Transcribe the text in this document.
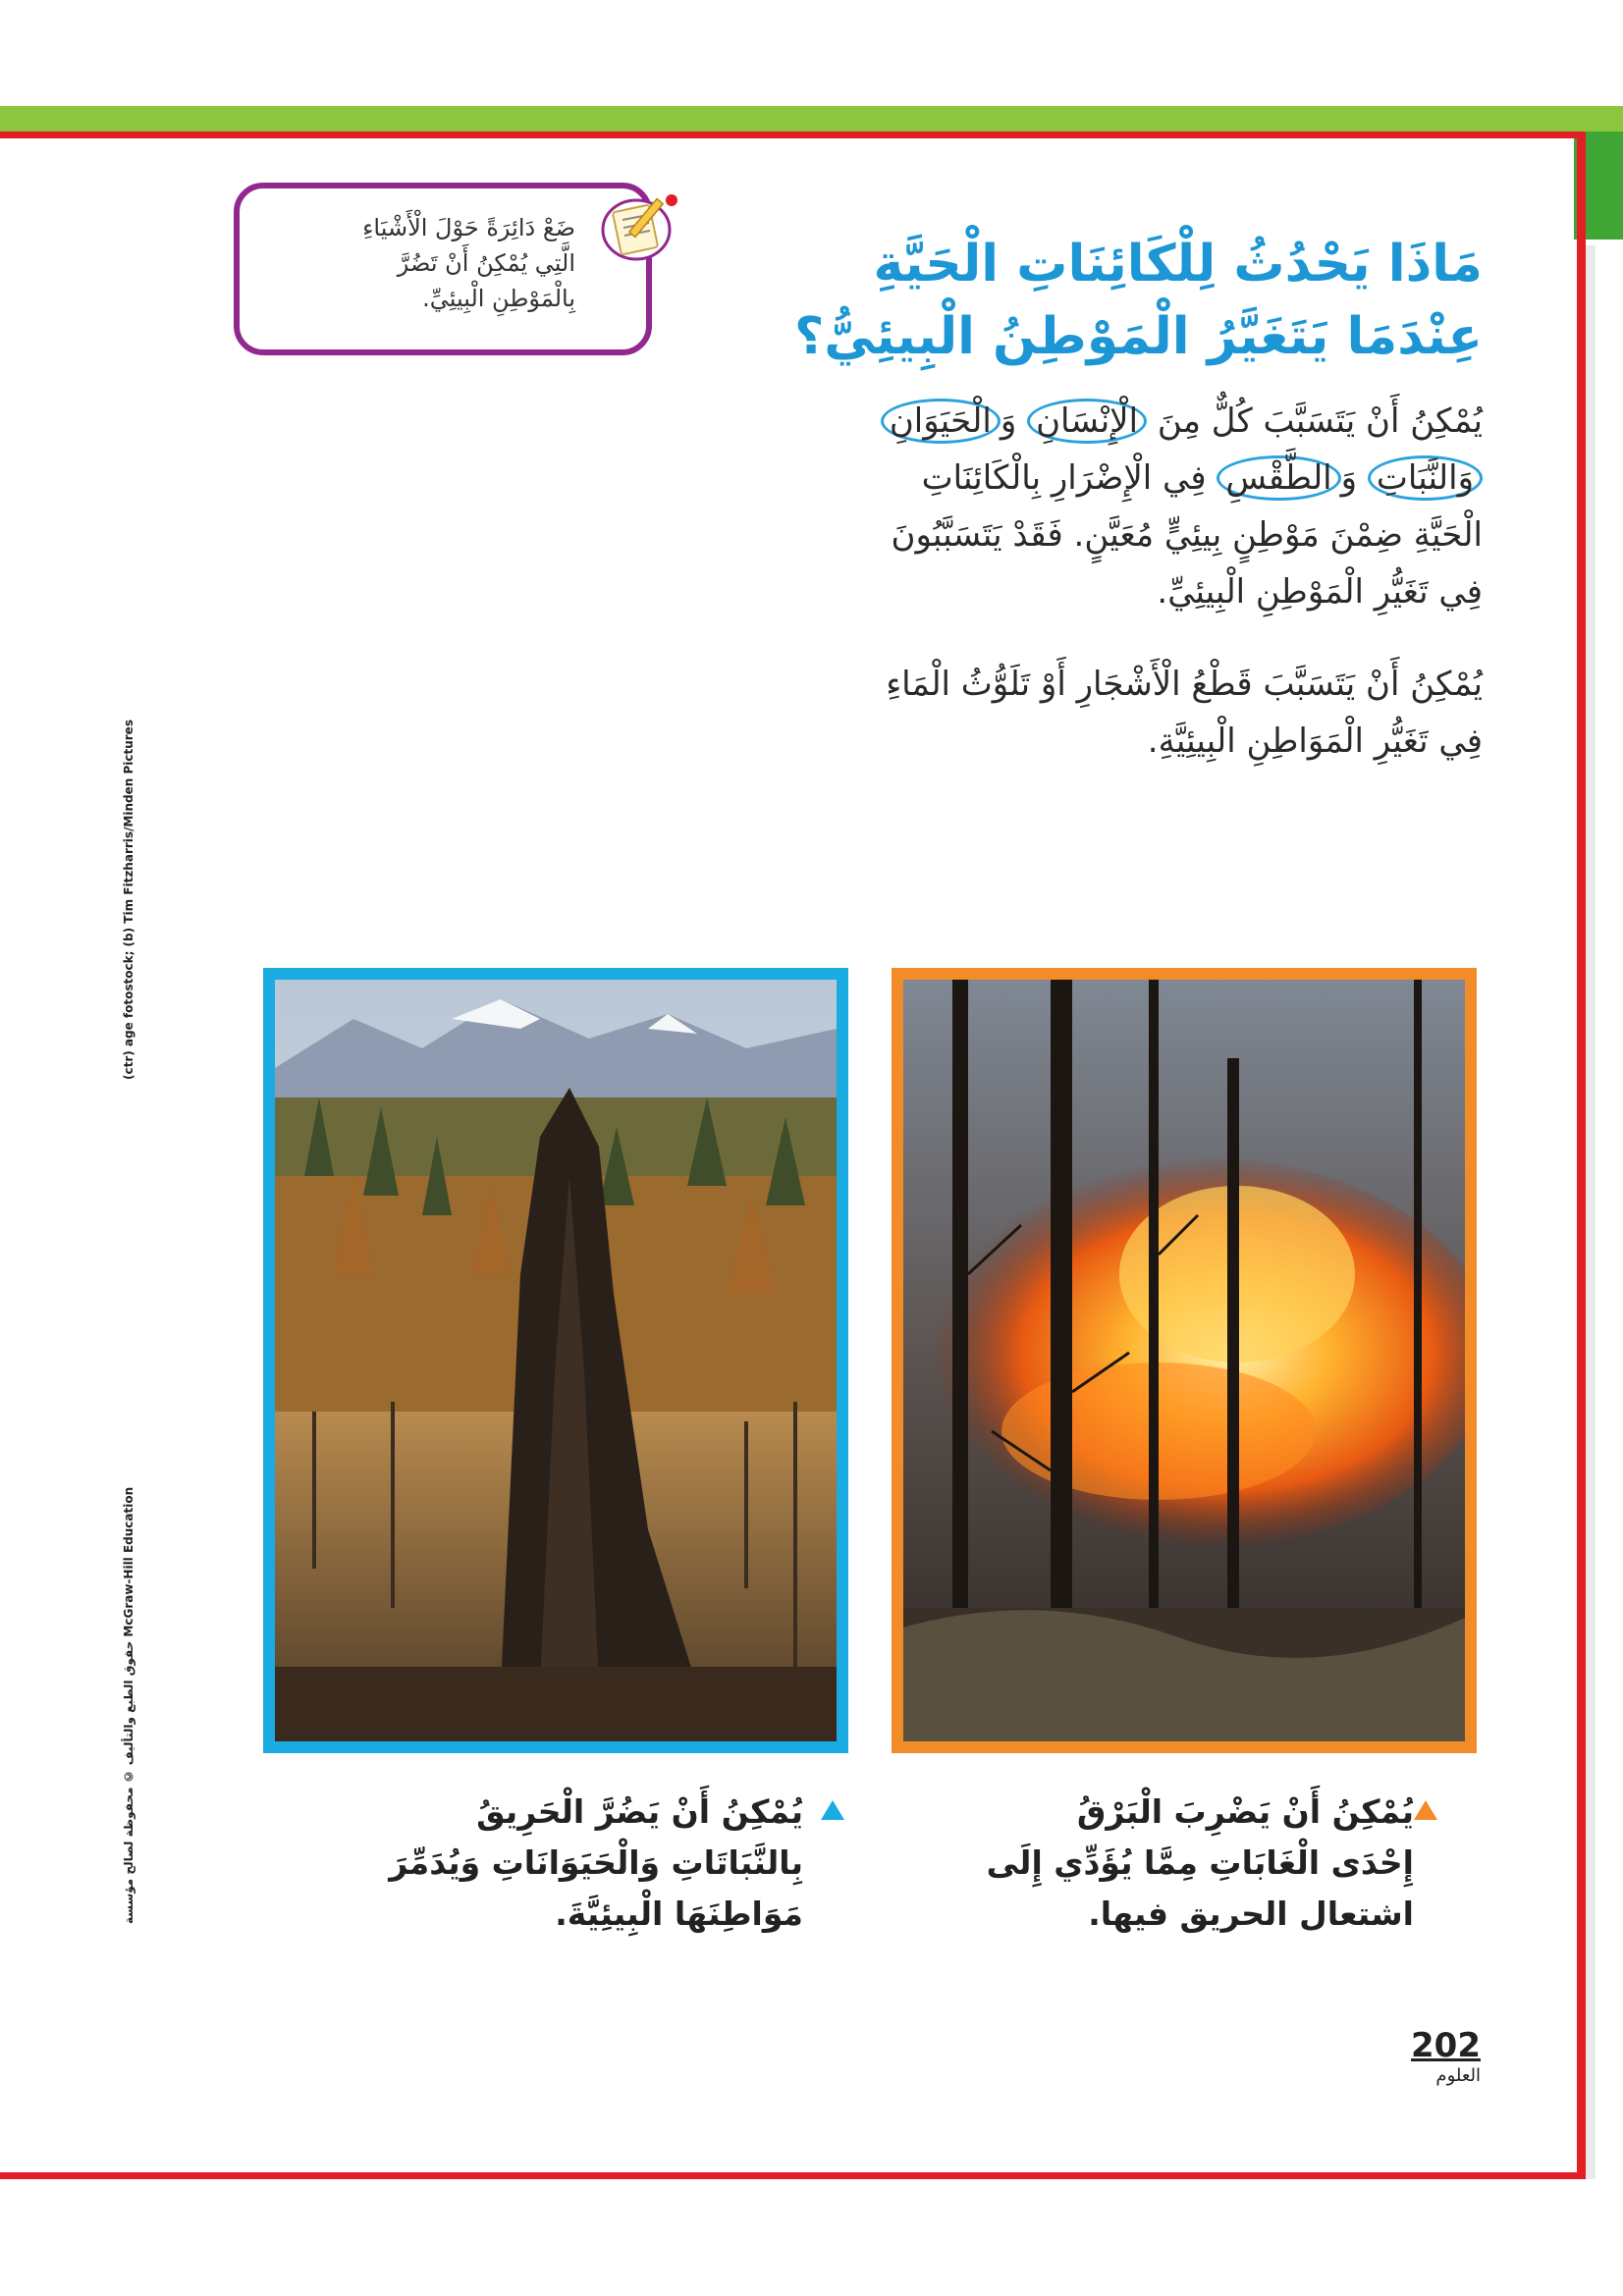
(ctr) age fotostock; (b) Tim Fitzharris/Minden Pictures
حقوق الطبع والتأليف © محفوظة لصالح مؤسسة McGraw-Hill Education
ضَعْ دَائِرَةً حَوْلَ الْأَشْيَاءِ
الَّتِي يُمْكِنُ أَنْ تَضُرَّ
بِالْمَوْطِنِ الْبِيئِيِّ.
مَاذَا يَحْدُثُ لِلْكَائِنَاتِ الْحَيَّةِ
عِنْدَمَا يَتَغَيَّرُ الْمَوْطِنُ الْبِيئِيُّ؟
يُمْكِنُ أَنْ يَتَسَبَّبَ كُلٌّ مِنَ الْإِنْسَانِ وَالْحَيَوَانِ
وَالنَّبَاتِ وَالطَّقْسِ فِي الْإِضْرَارِ بِالْكَائِنَاتِ
الْحَيَّةِ ضِمْنَ مَوْطِنٍ بِيئِيٍّ مُعَيَّنٍ. فَقَدْ يَتَسَبَّبُونَ
فِي تَغَيُّرِ الْمَوْطِنِ الْبِيئِيِّ.
يُمْكِنُ أَنْ يَتَسَبَّبَ قَطْعُ الْأَشْجَارِ أَوْ تَلَوُّثُ الْمَاءِ
فِي تَغَيُّرِ الْمَوَاطِنِ الْبِيئِيَّةِ.
يُمْكِنُ أَنْ يَضُرَّ الْحَرِيقُ
بِالنَّبَاتَاتِ وَالْحَيَوَانَاتِ وَيُدَمِّرَ
مَوَاطِنَهَا الْبِيئِيَّةَ.
يُمْكِنُ أَنْ يَضْرِبَ الْبَرْقُ
إِحْدَى الْغَابَاتِ مِمَّا يُؤَدِّي إِلَى
اشتعال الحريق فيها.
202
العلوم
